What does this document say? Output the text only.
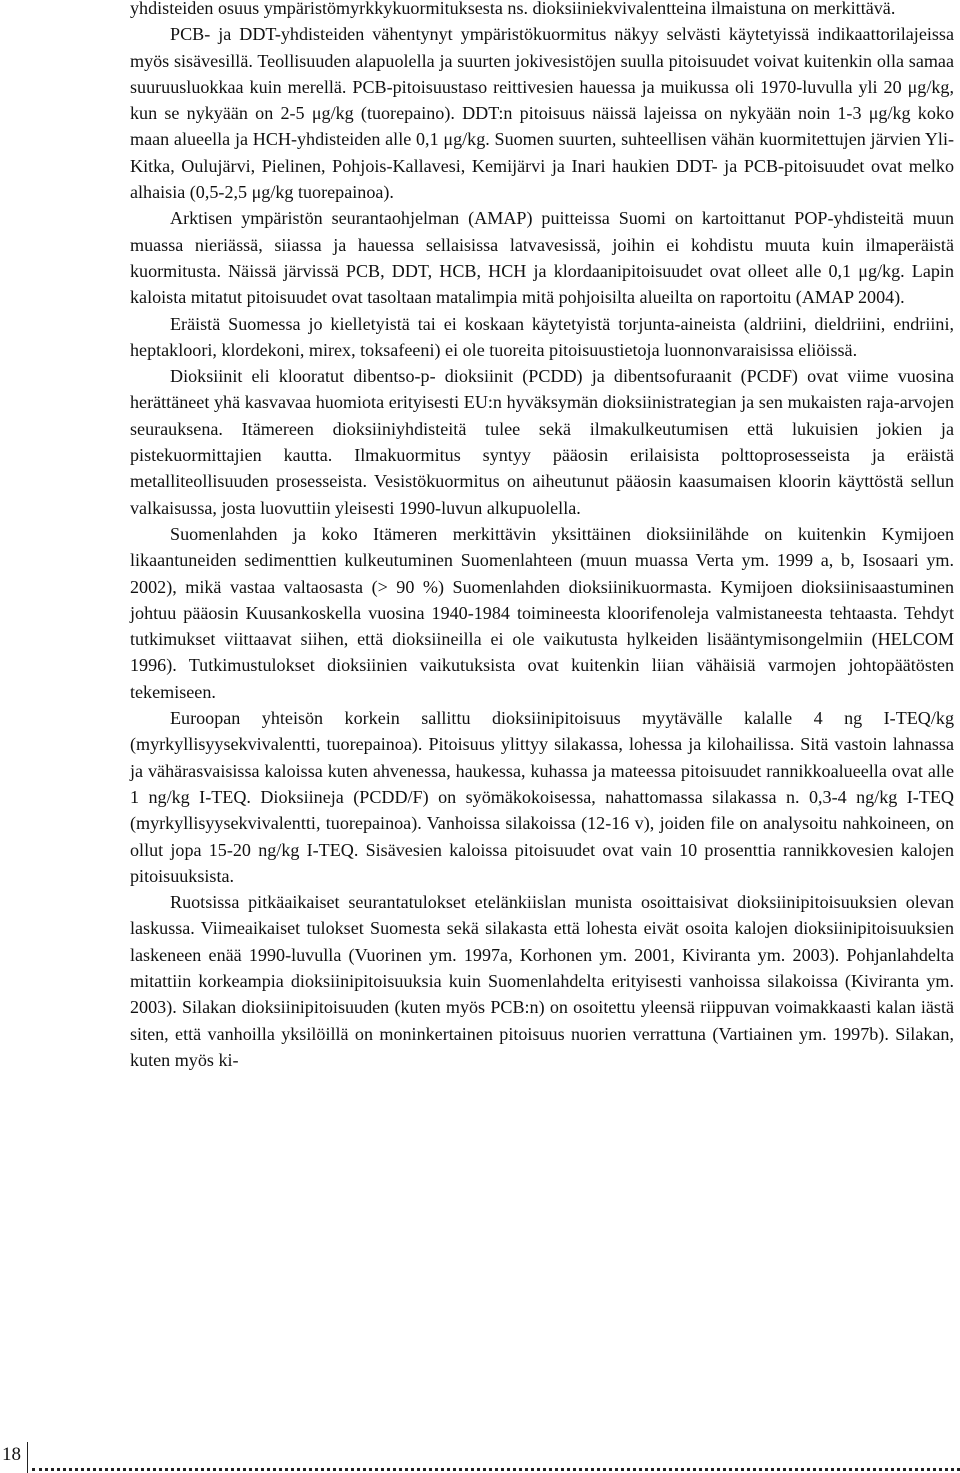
yhdisteiden osuus ympäristömyrkkykuormituksesta ns. dioksiiniekvivalentteina ilmaistuna on merkittävä.

PCB- ja DDT-yhdisteiden vähentynyt ympäristökuormitus näkyy selvästi käytetyissä indikaattorilajeissa myös sisävesillä. Teollisuuden alapuolella ja suurten jokivesistöjen suulla pitoisuudet voivat kuitenkin olla samaa suuruusluokkaa kuin merellä. PCB-pitoisuustaso reittivesien hauessa ja muikussa oli 1970-luvulla yli 20 μg/kg, kun se nykyään on 2-5 μg/kg (tuorepaino). DDT:n pitoisuus näissä lajeissa on nykyään noin 1-3 μg/kg koko maan alueella ja HCH-yhdisteiden alle 0,1 μg/kg. Suomen suurten, suhteellisen vähän kuormitettujen järvien Yli-Kitka, Oulujärvi, Pielinen, Pohjois-Kallavesi, Kemijärvi ja Inari haukien DDT- ja PCB-pitoisuudet ovat melko alhaisia (0,5-2,5 μg/kg tuorepainoa).

Arktisen ympäristön seurantaohjelman (AMAP) puitteissa Suomi on kartoittanut POP-yhdisteitä muun muassa nieriässä, siiassa ja hauessa sellaisissa latvavesissä, joihin ei kohdistu muuta kuin ilmaperäistä kuormitusta. Näissä järvissä PCB, DDT, HCB, HCH ja klordaanipitoisuudet ovat olleet alle 0,1 μg/kg. Lapin kaloista mitatut pitoisuudet ovat tasoltaan matalimpia mitä pohjoisilta alueilta on raportoitu (AMAP 2004).

Eräistä Suomessa jo kielletyistä tai ei koskaan käytetyistä torjunta-aineista (aldriini, dieldriini, endriini, heptakloori, klordekoni, mirex, toksafeeni) ei ole tuoreita pitoisuustietoja luonnonvaraisissa eliöissä.

Dioksiinit eli klooratut dibentso-p- dioksiinit (PCDD) ja dibentsofuraanit (PCDF) ovat viime vuosina herättäneet yhä kasvavaa huomiota erityisesti EU:n hyväksymän dioksiinistrategian ja sen mukaisten raja-arvojen seurauksena. Itämereen dioksiiniyhdisteitä tulee sekä ilmakulkeutumisen että lukuisien jokien ja pistekuormittajien kautta. Ilmakuormitus syntyy pääosin erilaisista polttoprosesseista ja eräistä metalliteollisuuden prosesseista. Vesistökuormitus on aiheutunut pääosin kaasumaisen kloorin käyttöstä sellun valkaisussa, josta luovuttiin yleisesti 1990-luvun alkupuolella.

Suomenlahden ja koko Itämeren merkittävin yksittäinen dioksiinilähde on kuitenkin Kymijoen likaantuneiden sedimenttien kulkeutuminen Suomenlahteen (muun muassa Verta ym. 1999 a, b, Isosaari ym. 2002), mikä vastaa valtaosasta (> 90 %) Suomenlahden dioksiinikuormasta. Kymijoen dioksiinisaastuminen johtuu pääosin Kuusankoskella vuosina 1940-1984 toimineesta kloorifenoleja valmistaneesta tehtaasta. Tehdyt tutkimukset viittaavat siihen, että dioksiineilla ei ole vaikutusta hylkeiden lisääntymisongelmiin (HELCOM 1996). Tutkimustulokset dioksiinien vaikutuksista ovat kuitenkin liian vähäisiä varmojen johtopäätösten tekemiseen.

Euroopan yhteisön korkein sallittu dioksiinipitoisuus myytävälle kalalle 4 ng I-TEQ/kg (myrkyllisyysekvivalentti, tuorepainoa). Pitoisuus ylittyy silakassa, lohessa ja kilohailissa. Sitä vastoin lahnassa ja vähärasvaisissa kaloissa kuten ahvenessa, haukessa, kuhassa ja mateessa pitoisuudet rannikkoalueella ovat alle 1 ng/kg I-TEQ. Dioksiineja (PCDD/F) on syömäkokoisessa, nahattomassa silakassa n. 0,3-4 ng/kg I-TEQ (myrkyllisyysekvivalentti, tuorepainoa). Vanhoissa silakoissa (12-16 v), joiden file on analysoitu nahkoineen, on ollut jopa 15-20 ng/kg I-TEQ. Sisävesien kaloissa pitoisuudet ovat vain 10 prosenttia rannikkovesien kalojen pitoisuuksista.

Ruotsissa pitkäaikaiset seurantatulokset etelänkiislan munista osoittaisivat dioksiinipitoisuuksien olevan laskussa. Viimeaikaiset tulokset Suomesta sekä silakasta että lohesta eivät osoita kalojen dioksiinipitoisuuksien laskeneen enää 1990-luvulla (Vuorinen ym. 1997a, Korhonen ym. 2001, Kiviranta ym. 2003). Pohjanlahdelta mitattiin korkeampia dioksiinipitoisuuksia kuin Suomenlahdelta erityisesti vanhoissa silakoissa (Kiviranta ym. 2003). Silakan dioksiinipitoisuuden (kuten myös PCB:n) on osoitettu yleensä riippuvan voimakkaasti kalan iästä siten, että vanhoilla yksilöillä on moninkertainen pitoisuus nuorien verrattuna (Vartiainen ym. 1997b). Silakan, kuten myös ki-

18
